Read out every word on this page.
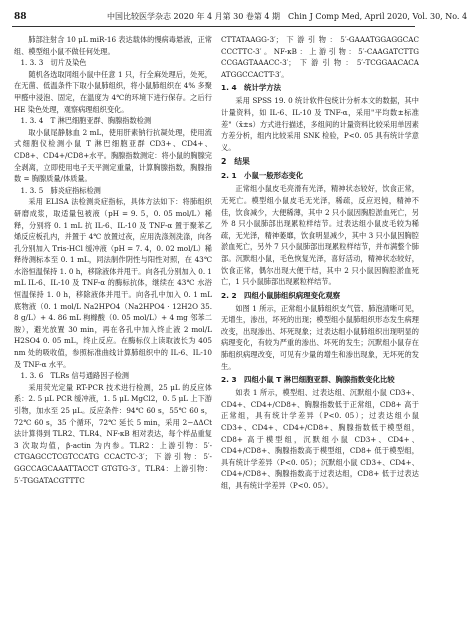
88	中国比较医学杂志 2020 年 4 月第 30 卷第 4 期　Chin J Comp Med, April 2020, Vol. 30, No. 4
肺部注射含 10 μL miR-16 表达载体的慢病毒悬液，正常组、模型组小鼠不做任何处理。
1. 3. 3　切片及染色
随机各选取同组小鼠中任意 1 只，行全麻处理后，处死，在无菌、低温条件下取小鼠肺组织，将小鼠肺组织在 4% 多聚甲醛中浸泡、固定，在温度为 4℃的环境下进行保存。之后行 HE 染色处理，观察病理组织变化。
1. 3. 4　T 淋巴细胞亚群、胸腺指数检测
取小鼠尾静脉血 2 mL，使用肝素钠行抗凝处理，使用流式细胞仪检测小鼠 T 淋巴细胞亚群 CD3+、CD4+、CD8+、CD4+/CD8+水平。胸腺指数测定：将小鼠的胸腺完全剥离，立即使用电子天平测定重量，计算胸腺指数，胸腺指数 = 胸腺质量/体质量。
1. 3. 5　肺炎症指标检测
采用 ELISA 法检测炎症指标，具体方法如下：将肺组织研磨成浆，取适量包被液（pH = 9. 5，0. 05 mol/L）稀释，分别将 0. 1 mL 抗 IL-6、IL-10 及 TNF-α 置于聚苯乙烯反应板孔内，并置于 4℃ 放置过夜，应用洗涤剂洗涤，向各孔分别加入 Tris-HCl 缓冲液（pH = 7. 4，0. 02 mol/L）稀释待测标本至 0. 1 mL，同法制作阴性与阳性对照，在 43℃ 水浴恒温保持 1. 0 h，移除液体并甩干。向各孔分别加入 0. 1 mL IL-6、IL-10 及 TNF-α 的酶标抗体，继续在 43℃ 水浴恒温保持 1. 0 h，移除液体并甩干。向各孔中加入 0. 1 mL 底物液（0. 1 mol/L Na2HPO4（Na2HPO4 · 12H2O 35. 8 g/L）+ 4. 86 mL 枸橼酸（0. 05 mol/L）+ 4 mg 邻苯二胺），避光放置 30 min，再在各孔中加入终止液 2 mol/L H2SO4 0. 05 mL，终止反应。在酶标仪上读取波长为 405 nm 处的吸收值，参照标准曲线计算肺组织中的 IL-6、IL-10 及 TNF-α 水平。
1. 3. 6　TLRs 信号通路因子检测
采用荧光定量 RT-PCR 技术进行检测，25 μL 的反应体系：2. 5 μL PCR 缓冲液，1. 5 μL MgCl2，0. 5 μL 上下游引物，加水至 25 μL。反应条件：94℃ 60 s，55℃ 60 s，72℃ 60 s，35 个循环，72℃ 延长 5 min，采用 2−ΔΔCt 法计算得到 TLR2、TLR4、NF-κB 相对表达，每个样品重复 3 次取均值，β-actin 为内参。TLR2：上游引物：5′-CTGAGCCTCGTCCATG CCACTC-3′；下游引物：5′-GGCCAGCAAATTACCT GTGTG-3′。TLR4：上游引物：5′-TGGATACGTTTC
CTTATAAGG-3′；下游引物：5′-GAAATGGAGGCAC CCCTTC-3′。NF-κB：上游引物：5′-CAAGATCTTG CCGAGTAAACC-3′；下游引物：5′-TCGGAACACA ATGGCCACTT-3′。
1. 4　统计学方法
采用 SPSS 19. 0 统计软件包统计分析本文的数据，其中计量资料，如 IL-6、IL-10 及 TNF-α，采用"平均数±标准差"（x̄±s）方式进行描述，多组间的计量资料比较采用单因素方差分析，组内比较采用 SNK 检验，P<0. 05 具有统计学意义。
2　结果
2. 1　小鼠一般形态变化
正常组小鼠皮毛亮滑有光泽，精神状态较好，饮食正常，无死亡。模型组小鼠皮毛无光泽，稀疏，反应迟钝，精神不佳，饮食减少，大便稀薄，其中 2 只小鼠因胸腔淤血死亡，另外 8 只小鼠肺部出现累粒样结节。过表达组小鼠皮毛较为稀疏，无光泽，精神萎靡，饮食明显减少，其中 3 只小鼠因胸腔淤血死亡，另外 7 只小鼠肺部出现累粒样结节，并布满整个肺部。沉默组小鼠，毛色恢复光泽，喜好活动，精神状态较好，饮食正常，偶尔出现大便干结，其中 2 只小鼠因胸腔淤血死亡，1 只小鼠肺部出现累粒样结节。
2. 2　四组小鼠肺组织病理变化观察
如图 1 所示，正常组小鼠肺组织支气管、肺泡清晰可见，无增生，渗出，坏死的出现；模型组小鼠肺组织形态发生病理改变，出现渗出、坏死现象；过表达组小鼠肺组织出现明显的病理变化，有较为严重的渗出、坏死的发生；沉默组小鼠存在肺组织病理改变，可见有少量的增生和渗出现象，无坏死的发生。
2. 3　四组小鼠 T 淋巴细胞亚群、胸腺指数变化比较
如表 1 所示，模型组、过表达组、沉默组小鼠 CD3+、CD4+、CD4+/CD8+、胸腺指数低于正常组，CD8+ 高于正常组，具有统计学差异（P<0. 05）；过表达组小鼠 CD3+、CD4+、CD4+/CD8+、胸腺指数低于模型组，CD8+ 高于模型组，沉默组小鼠 CD3+、CD4+、CD4+/CD8+、胸腺指数高于模型组，CD8+ 低于模型组，具有统计学差异（P<0. 05）；沉默组小鼠 CD3+、CD4+、CD4+/CD8+、胸腺指数高于过表达组，CD8+ 低于过表达组，具有统计学差异（P<0. 05）。
